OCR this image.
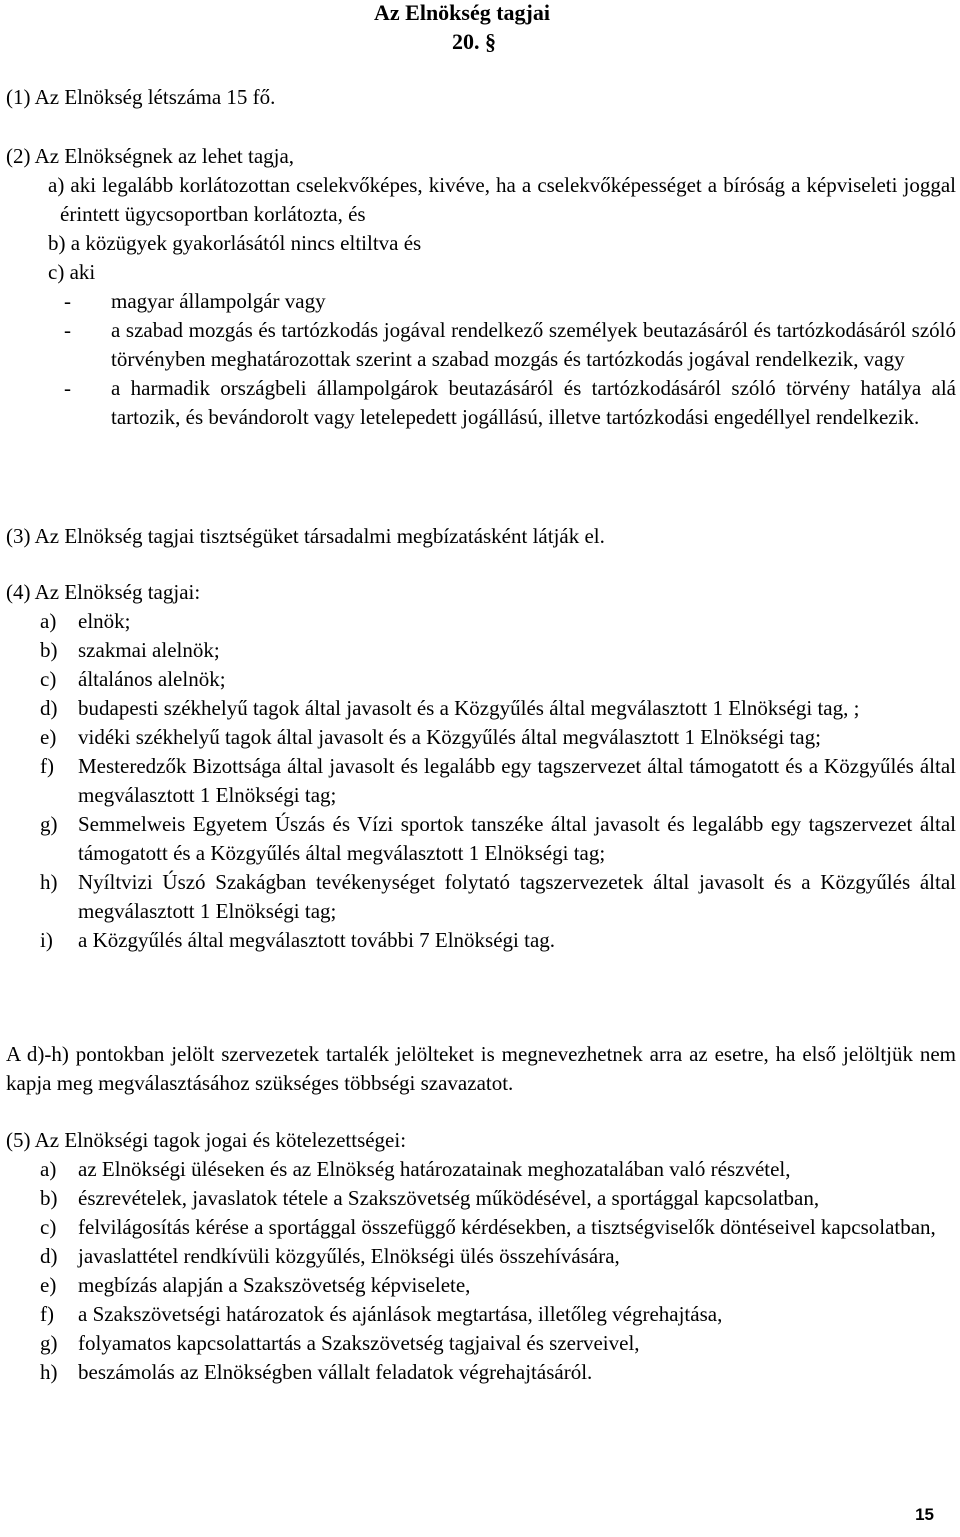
Az Elnökség tagjai
20. §

(1) Az Elnökség létszáma 15 fő.

(2) Az Elnökségnek az lehet tagja,

a) aki legalább korlátozottan cselekvőképes, kivéve, ha a cselekvőképességet a bíróság a képviseleti joggal érintett ügycsoportban korlátozta, és

b) a közügyek gyakorlásától nincs eltiltva és

c) aki

- magyar állampolgár vagy
- a szabad mozgás és tartózkodás jogával rendelkező személyek beutazásáról és tartózkodásáról szóló törvényben meghatározottak szerint a szabad mozgás és tartózkodás jogával rendelkezik, vagy
- a harmadik országbeli állampolgárok beutazásáról és tartózkodásáról szóló törvény hatálya alá tartozik, és bevándorolt vagy letelepedett jogállású, illetve tartózkodási engedéllyel rendelkezik.

(3) Az Elnökség tagjai tisztségüket társadalmi megbízatásként látják el.

(4) Az Elnökség tagjai:

a) elnök;
b) szakmai alelnök;
c) általános alelnök;
d) budapesti székhelyű tagok által javasolt és a Közgyűlés által megválasztott 1 Elnökségi tag, ;
e) vidéki székhelyű tagok által javasolt és a Közgyűlés által megválasztott 1 Elnökségi tag;
f) Mesteredzők Bizottsága által javasolt és legalább egy tagszervezet által támogatott és a Közgyűlés által megválasztott 1 Elnökségi tag;
g) Semmelweis Egyetem Úszás és Vízi sportok tanszéke által javasolt és legalább egy tagszervezet által támogatott és a Közgyűlés által megválasztott 1 Elnökségi tag;
h) Nyíltvizi Úszó Szakágban tevékenységet folytató tagszervezetek által javasolt és a Közgyűlés által megválasztott 1 Elnökségi tag;
i) a Közgyűlés által megválasztott további 7 Elnökségi tag.

A d)-h) pontokban jelölt szervezetek tartalék jelölteket is megnevezhetnek arra az esetre, ha első jelöltjük nem kapja meg megválasztásához szükséges többségi szavazatot.

(5) Az Elnökségi tagok jogai és kötelezettségei:

a) az Elnökségi üléseken és az Elnökség határozatainak meghozatalában való részvétel,
b) észrevételek, javaslatok tétele a Szakszövetség működésével, a sportággal kapcsolatban,
c) felvilágosítás kérése a sportággal összefüggő kérdésekben, a tisztségviselők döntéseivel kapcsolatban,
d) javaslattétel rendkívüli közgyűlés, Elnökségi ülés összehívására,
e) megbízás alapján a Szakszövetség képviselete,
f) a Szakszövetségi határozatok és ajánlások megtartása, illetőleg végrehajtása,
g) folyamatos kapcsolattartás a Szakszövetség tagjaival és szerveivel,
h) beszámolás az Elnökségben vállalt feladatok végrehajtásáról.
15
